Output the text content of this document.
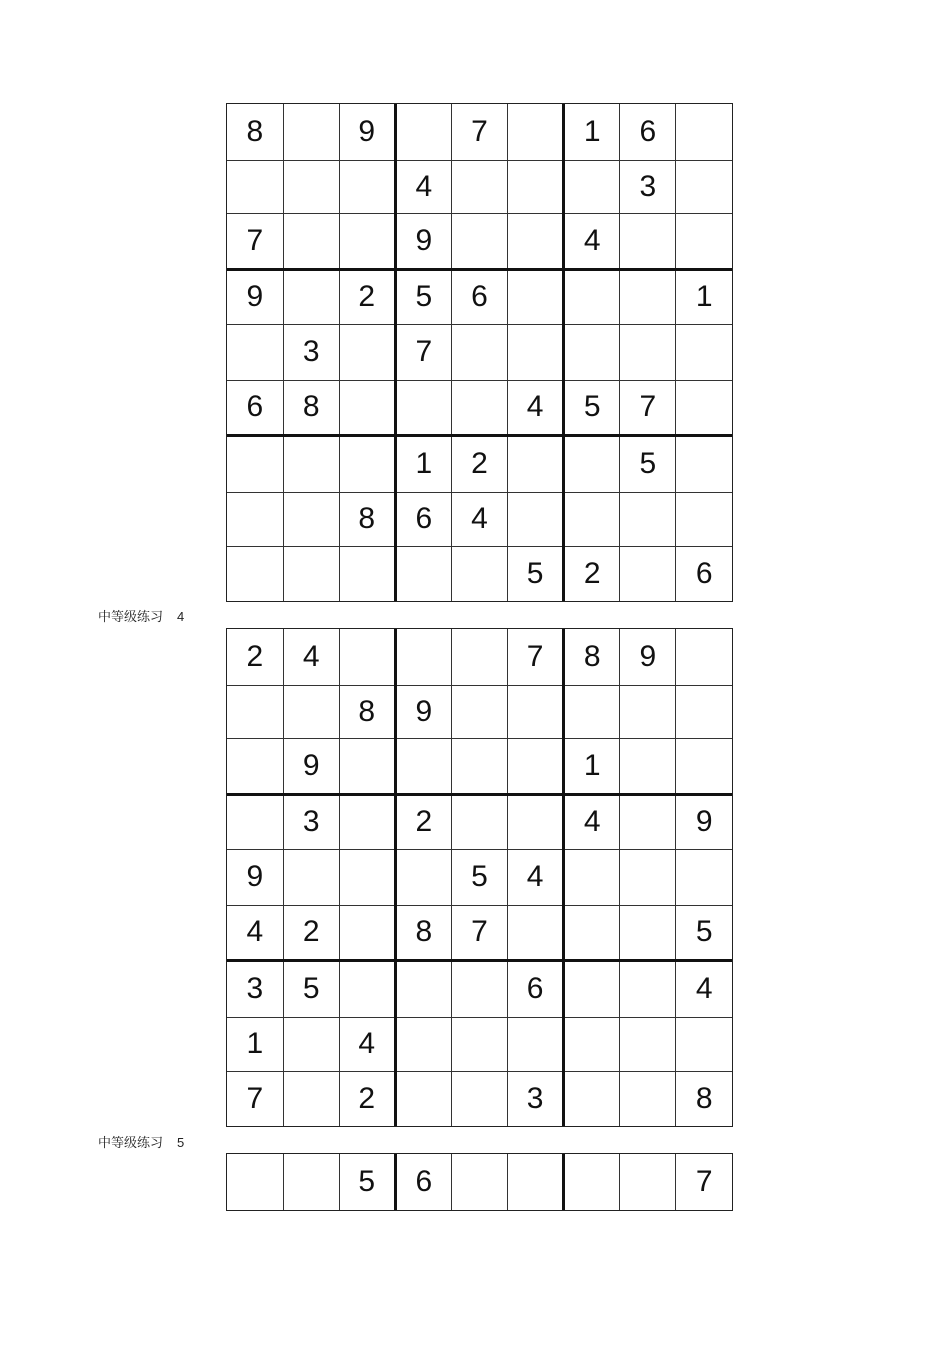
8		9		7		1	6	
			4				3	
7			9			4		
9		2	5	6				1
	3		7					
6	8				4	5	7	
			1	2			5	
		8	6	4				
					5	2		6
中等级练习 4
2	4				7	8	9	
		8	9					
	9					1		
	3		2			4		9
9				5	4			
4	2		8	7				5
3	5				6			4
1		4						
7		2			3			8
中等级练习 5
		5	6					7
